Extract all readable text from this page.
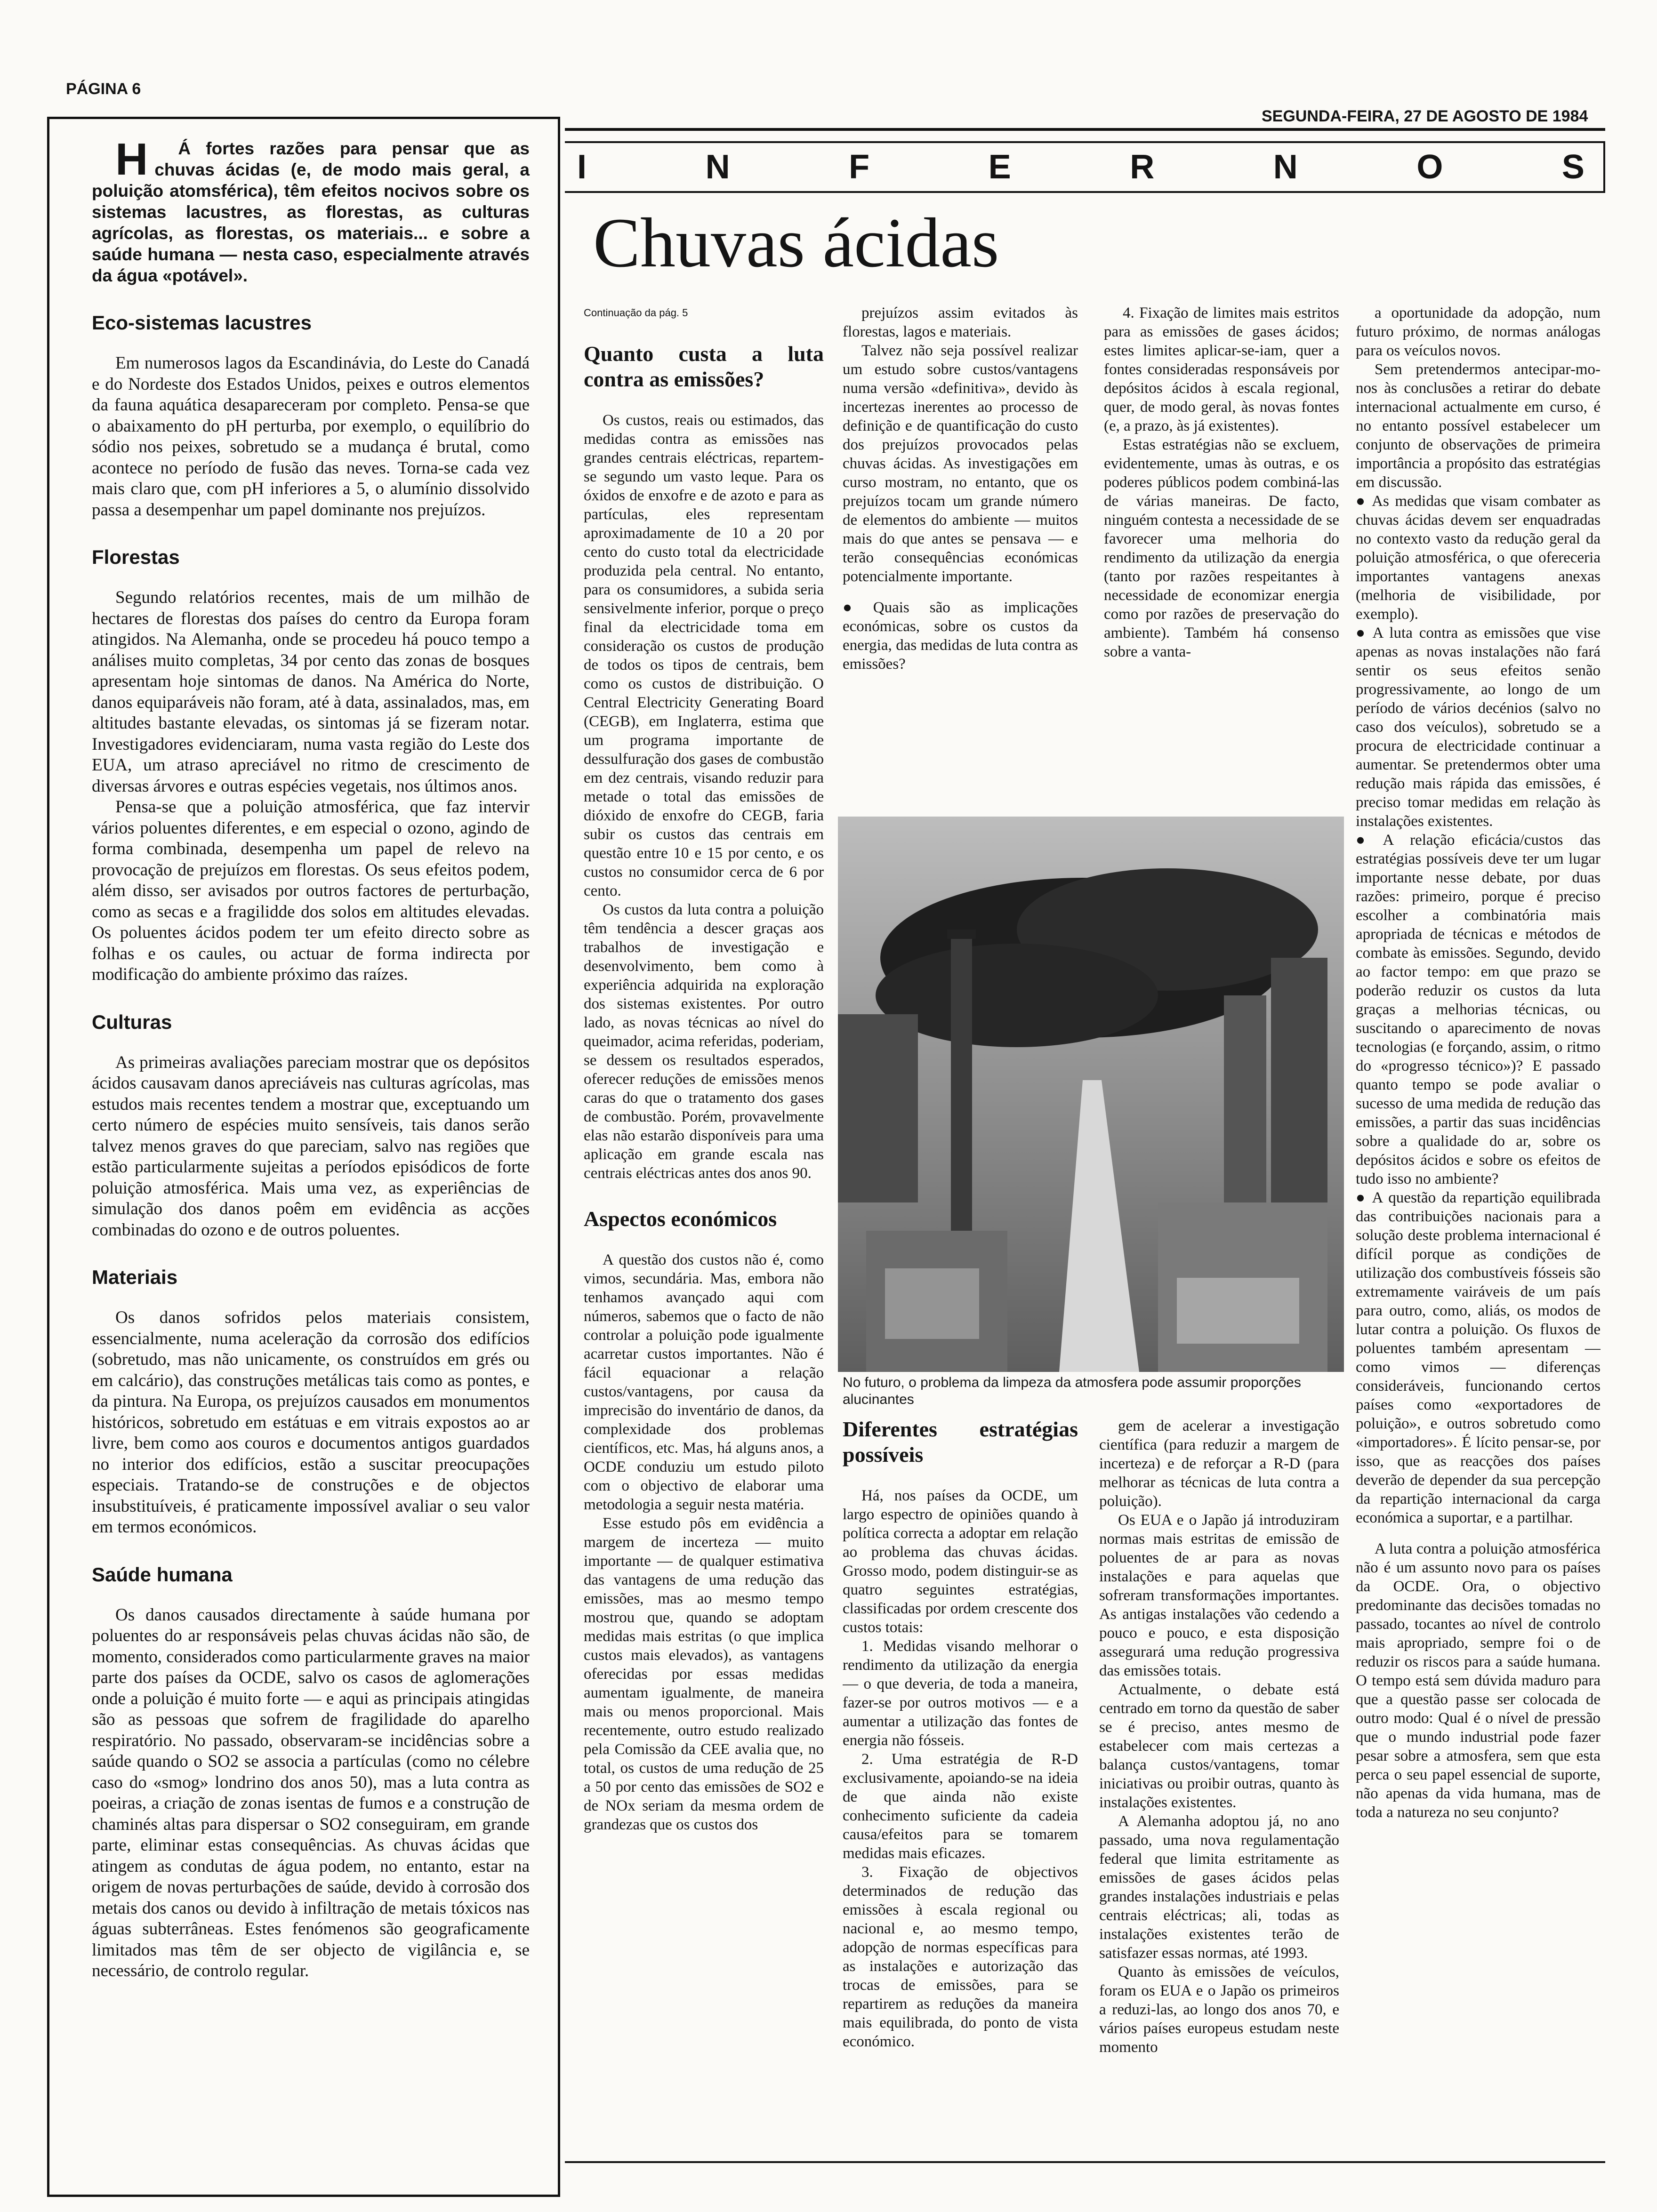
PÁGINA 6
SEGUNDA-FEIRA, 27 DE AGOSTO DE 1984
I	N	F	E	R	N	O	S
Chuvas ácidas

H Á fortes razões para pensar que as chuvas ácidas (e, de modo mais geral, a poluição atomsférica), têm efeitos nocivos sobre os sistemas lacustres, as florestas, as culturas agrícolas, as florestas, os materiais... e sobre a saúde humana — nesta caso, especialmente através da água «potável».

Eco-sistemas lacustres

Em numerosos lagos da Escandinávia, do Leste do Canadá e do Nordeste dos Estados Unidos, peixes e outros elementos da fauna aquática desapareceram por completo. Pensa-se que o abaixamento do pH perturba, por exemplo, o equilíbrio do sódio nos peixes, sobretudo se a mudança é brutal, como acontece no período de fusão das neves. Torna-se cada vez mais claro que, com pH inferiores a 5, o alumínio dissolvido passa a desempenhar um papel dominante nos prejuízos.

Florestas

Segundo relatórios recentes, mais de um milhão de hectares de florestas dos países do centro da Europa foram atingidos. Na Alemanha, onde se procedeu há pouco tempo a análises muito completas, 34 por cento das zonas de bosques apresentam hoje sintomas de danos. Na América do Norte, danos equiparáveis não foram, até à data, assinalados, mas, em altitudes bastante elevadas, os sintomas já se fizeram notar. Investigadores evidenciaram, numa vasta região do Leste dos EUA, um atraso apreciável no ritmo de crescimento de diversas árvores e outras espécies vegetais, nos últimos anos.

Pensa-se que a poluição atmosférica, que faz intervir vários poluentes diferentes, e em especial o ozono, agindo de forma combinada, desempenha um papel de relevo na provocação de prejuízos em florestas. Os seus efeitos podem, além disso, ser avisados por outros factores de perturbação, como as secas e a fragilidde dos solos em altitudes elevadas. Os poluentes ácidos podem ter um efeito directo sobre as folhas e os caules, ou actuar de forma indirecta por modificação do ambiente próximo das raízes.

Culturas

As primeiras avaliações pareciam mostrar que os depósitos ácidos causavam danos apreciáveis nas culturas agrícolas, mas estudos mais recentes tendem a mostrar que, exceptuando um certo número de espécies muito sensíveis, tais danos serão talvez menos graves do que pareciam, salvo nas regiões que estão particularmente sujeitas a períodos episódicos de forte poluição atmosférica. Mais uma vez, as experiências de simulação dos danos poêm em evidência as acções combinadas do ozono e de outros poluentes.

Materiais

Os danos sofridos pelos materiais consistem, essencialmente, numa aceleração da corrosão dos edifícios (sobretudo, mas não unicamente, os construídos em grés ou em calcário), das construções metálicas tais como as pontes, e da pintura. Na Europa, os prejuízos causados em monumentos históricos, sobretudo em estátuas e em vitrais expostos ao ar livre, bem como aos couros e documentos antigos guardados no interior dos edifícios, estão a suscitar preocupações especiais. Tratando-se de construções e de objectos insubstituíveis, é praticamente impossível avaliar o seu valor em termos económicos.

Saúde humana

Os danos causados directamente à saúde humana por poluentes do ar responsáveis pelas chuvas ácidas não são, de momento, considerados como particularmente graves na maior parte dos países da OCDE, salvo os casos de aglomerações onde a poluição é muito forte — e aqui as principais atingidas são as pessoas que sofrem de fragilidade do aparelho respiratório. No passado, observaram-se incidências sobre a saúde quando o SO2 se associa a partículas (como no célebre caso do «smog» londrino dos anos 50), mas a luta contra as poeiras, a criação de zonas isentas de fumos e a construção de chaminés altas para dispersar o SO2 conseguiram, em grande parte, eliminar estas consequências. As chuvas ácidas que atingem as condutas de água podem, no entanto, estar na origem de novas perturbações de saúde, devido à corrosão dos metais dos canos ou devido à infiltração de metais tóxicos nas águas subterrâneas. Estes fenómenos são geograficamente limitados mas têm de ser objecto de vigilância e, se necessário, de controlo regular.

Continuação da pág. 5
Quanto custa a luta contra as emissões?

Os custos, reais ou estimados, das medidas contra as emissões nas grandes centrais eléctricas, repartem-se segundo um vasto leque. Para os óxidos de enxofre e de azoto e para as partículas, eles representam aproximadamente de 10 a 20 por cento do custo total da electricidade produzida pela central. No entanto, para os consumidores, a subida seria sensivelmente inferior, porque o preço final da electricidade toma em consideração os custos de produção de todos os tipos de centrais, bem como os custos de distribuição. O Central Electricity Generating Board (CEGB), em Inglaterra, estima que um programa importante de dessulfuração dos gases de combustão em dez centrais, visando reduzir para metade o total das emissões de dióxido de enxofre do CEGB, faria subir os custos das centrais em questão entre 10 e 15 por cento, e os custos no consumidor cerca de 6 por cento.

Os custos da luta contra a poluição têm tendência a descer graças aos trabalhos de investigação e desenvolvimento, bem como à experiência adquirida na exploração dos sistemas existentes. Por outro lado, as novas técnicas ao nível do queimador, acima referidas, poderiam, se dessem os resultados esperados, oferecer reduções de emissões menos caras do que o tratamento dos gases de combustão. Porém, provavelmente elas não estarão disponíveis para uma aplicação em grande escala nas centrais eléctricas antes dos anos 90.

Aspectos económicos

A questão dos custos não é, como vimos, secundária. Mas, embora não tenhamos avançado aqui com números, sabemos que o facto de não controlar a poluição pode igualmente acarretar custos importantes. Não é fácil equacionar a relação custos/vantagens, por causa da imprecisão do inventário de danos, da complexidade dos problemas científicos, etc. Mas, há alguns anos, a OCDE conduziu um estudo piloto com o objectivo de elaborar uma metodologia a seguir nesta matéria.

Esse estudo pôs em evidência a margem de incerteza — muito importante — de qualquer estimativa das vantagens de uma redução das emissões, mas ao mesmo tempo mostrou que, quando se adoptam medidas mais estritas (o que implica custos mais elevados), as vantagens oferecidas por essas medidas aumentam igualmente, de maneira mais ou menos proporcional. Mais recentemente, outro estudo realizado pela Comissão da CEE avalia que, no total, os custos de uma redução de 25 a 50 por cento das emissões de SO2 e de NOx seriam da mesma ordem de grandezas que os custos dos

prejuízos assim evitados às florestas, lagos e materiais.

Talvez não seja possível realizar um estudo sobre custos/vantagens numa versão «definitiva», devido às incertezas inerentes ao processo de definição e de quantificação do custo dos prejuízos provocados pelas chuvas ácidas. As investigações em curso mostram, no entanto, que os prejuízos tocam um grande número de elementos do ambiente — muitos mais do que antes se pensava — e terão consequências económicas potencialmente importante.

● Quais são as implicações económicas, sobre os custos da energia, das medidas de luta contra as emissões?

4. Fixação de limites mais estritos para as emissões de gases ácidos; estes limites aplicar-se-iam, quer a fontes consideradas responsáveis por depósitos ácidos à escala regional, quer, de modo geral, às novas fontes (e, a prazo, às já existentes).

Estas estratégias não se excluem, evidentemente, umas às outras, e os poderes públicos podem combiná-las de várias maneiras. De facto, ninguém contesta a necessidade de se favorecer uma melhoria do rendimento da utilização da energia (tanto por razões respeitantes à necessidade de economizar energia como por razões de preservação do ambiente). Também há consenso sobre a vanta-

a oportunidade da adopção, num futuro próximo, de normas análogas para os veículos novos.

Sem pretendermos antecipar-mo-nos às conclusões a retirar do debate internacional actualmente em curso, é no entanto possível estabelecer um conjunto de observações de primeira importância a propósito das estratégias em discussão.

● As medidas que visam combater as chuvas ácidas devem ser enquadradas no contexto vasto da redução geral da poluição atmosférica, o que ofereceria importantes vantagens anexas (melhoria de visibilidade, por exemplo).

● A luta contra as emissões que vise apenas as novas instalações não fará sentir os seus efeitos senão progressivamente, ao longo de um período de vários decénios (salvo no caso dos veículos), sobretudo se a procura de electricidade continuar a aumentar. Se pretendermos obter uma redução mais rápida das emissões, é preciso tomar medidas em relação às instalações existentes.

● A relação eficácia/custos das estratégias possíveis deve ter um lugar importante nesse debate, por duas razões: primeiro, porque é preciso escolher a combinatória mais apropriada de técnicas e métodos de combate às emissões. Segundo, devido ao factor tempo: em que prazo se poderão reduzir os custos da luta graças a melhorias técnicas, ou suscitando o aparecimento de novas tecnologias (e forçando, assim, o ritmo do «progresso técnico»)? E passado quanto tempo se pode avaliar o sucesso de uma medida de redução das emissões, a partir das suas incidências sobre a qualidade do ar, sobre os depósitos ácidos e sobre os efeitos de tudo isso no ambiente?

● A questão da repartição equilibrada das contribuições nacionais para a solução deste problema internacional é difícil porque as condições de utilização dos combustíveis fósseis são extremamente vairáveis de um país para outro, como, aliás, os modos de lutar contra a poluição. Os fluxos de poluentes também apresentam — como vimos — diferenças consideráveis, funcionando certos países como «exportadores de poluição», e outros sobretudo como «importadores». É lícito pensar-se, por isso, que as reacções dos países deverão de depender da sua percepção da repartição internacional da carga económica a suportar, e a partilhar.

A luta contra a poluição atmosférica não é um assunto novo para os países da OCDE. Ora, o objectivo predominante das decisões tomadas no passado, tocantes ao nível de controlo mais apropriado, sempre foi o de reduzir os riscos para a saúde humana. O tempo está sem dúvida maduro para que a questão passe ser colocada de outro modo: Qual é o nível de pressão que o mundo industrial pode fazer pesar sobre a atmosfera, sem que esta perca o seu papel essencial de suporte, não apenas da vida humana, mas de toda a natureza no seu conjunto?

No futuro, o problema da limpeza da atmosfera pode assumir proporções alucinantes
Diferentes estratégias possíveis

Há, nos países da OCDE, um largo espectro de opiniões quando à política correcta a adoptar em relação ao problema das chuvas ácidas. Grosso modo, podem distinguir-se as quatro seguintes estratégias, classificadas por ordem crescente dos custos totais:

1. Medidas visando melhorar o rendimento da utilização da energia — o que deveria, de toda a maneira, fazer-se por outros motivos — e a aumentar a utilização das fontes de energia não fósseis.

2. Uma estratégia de R-D exclusivamente, apoiando-se na ideia de que ainda não existe conhecimento suficiente da cadeia causa/efeitos para se tomarem medidas mais eficazes.

3. Fixação de objectivos determinados de redução das emissões à escala regional ou nacional e, ao mesmo tempo, adopção de normas específicas para as instalações e autorização das trocas de emissões, para se repartirem as reduções da maneira mais equilibrada, do ponto de vista económico.

gem de acelerar a investigação científica (para reduzir a margem de incerteza) e de reforçar a R-D (para melhorar as técnicas de luta contra a poluição).

Os EUA e o Japão já introduziram normas mais estritas de emissão de poluentes de ar para as novas instalações e para aquelas que sofreram transformações importantes. As antigas instalações vão cedendo a pouco e pouco, e esta disposição assegurará uma redução progressiva das emissões totais.

Actualmente, o debate está centrado em torno da questão de saber se é preciso, antes mesmo de estabelecer com mais certezas a balança custos/vantagens, tomar iniciativas ou proibir outras, quanto às instalações existentes.

A Alemanha adoptou já, no ano passado, uma nova regulamentação federal que limita estritamente as emissões de gases ácidos pelas grandes instalações industriais e pelas centrais eléctricas; ali, todas as instalações existentes terão de satisfazer essas normas, até 1993.

Quanto às emissões de veículos, foram os EUA e o Japão os primeiros a reduzi-las, ao longo dos anos 70, e vários países europeus estudam neste momento
